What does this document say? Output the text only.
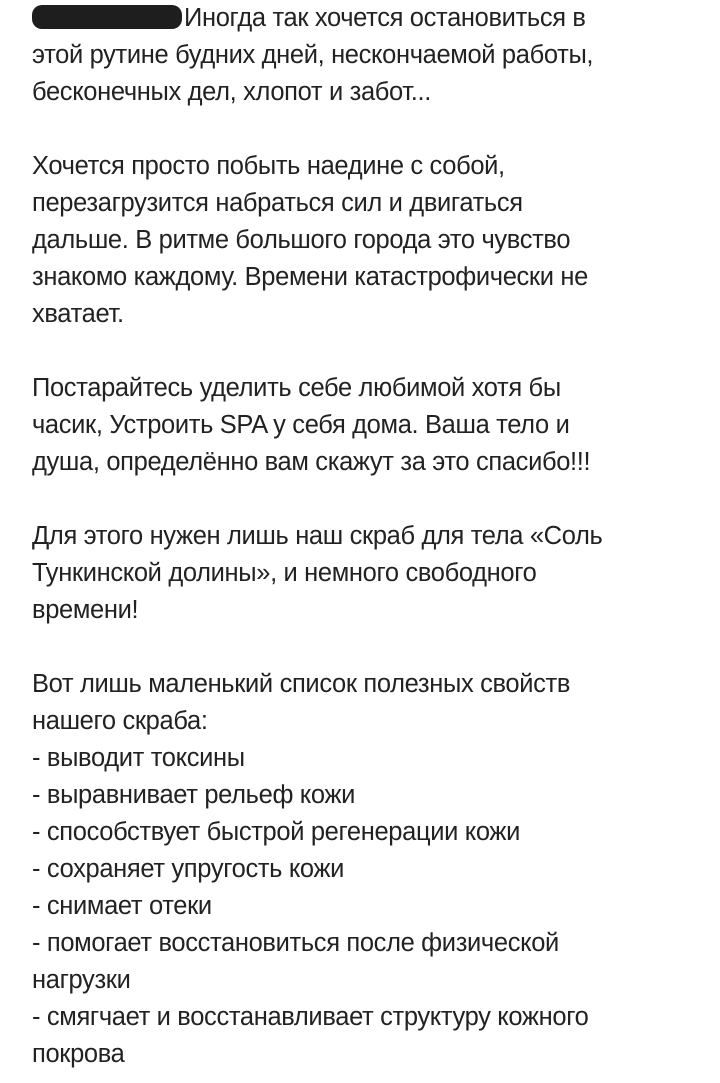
Иногда так хочется остановиться в
этой рутине будних дней, нескончаемой работы,
бесконечных дел, хлопот и забот...

Хочется просто побыть наедине с собой,
перезагрузится набраться сил и двигаться
дальше. В ритме большого города это чувство
знакомо каждому. Времени катастрофически не
хватает.

Постарайтесь уделить себе любимой хотя бы
часик, Устроить SPA у себя дома. Ваша тело и
душа, определённо вам скажут за это спасибо!!!

Для этого нужен лишь наш скраб для тела «Соль
Тункинской долины», и немного свободного
времени!

Вот лишь маленький список полезных свойств
нашего скраба:
- выводит токсины
- выравнивает рельеф кожи
- способствует быстрой регенерации кожи
- сохраняет упругость кожи
- снимает отеки
- помогает восстановиться после физической
нагрузки
- смягчает и восстанавливает структуру кожного
покрова
